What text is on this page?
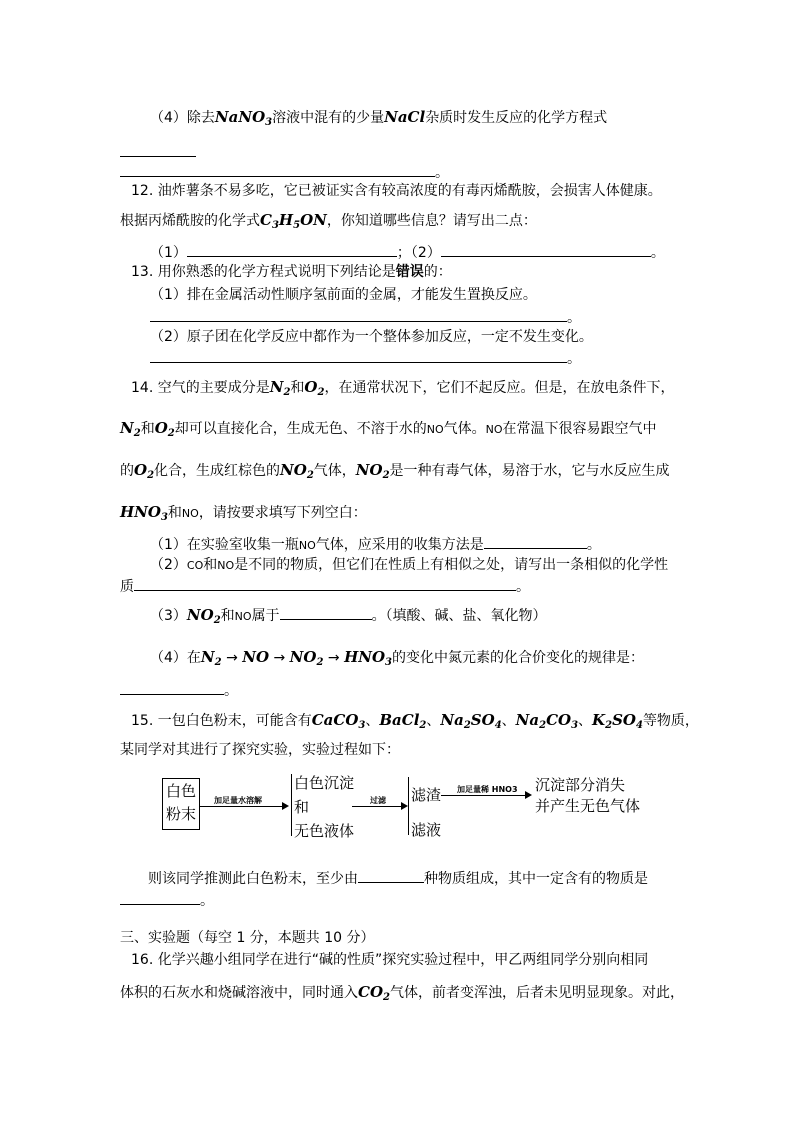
（4）除去NaNO$_3$溶液中混有的少量NaCl杂质时发生反应的化学方程式
。
12. 油炸薯条不易多吃，它已被证实含有较高浓度的有毒丙烯酰胺，会损害人体健康。
根据丙烯酰胺的化学式$C_3H_5ON$，你知道哪些信息？请写出二点：
（1）	；（2）	。
13. 用你熟悉的化学方程式说明下列结论是错误的：
（1）排在金属活动性顺序氢前面的金属，才能发生置换反应。
。
（2）原子团在化学反应中都作为一个整体参加反应，一定不发生变化。
。
14. 空气的主要成分是$N_2$和$O_2$，在通常状况下，它们不起反应。但是，在放电条件下，
$N_2$和$O_2$却可以直接化合，生成无色、不溶于水的NO气体。NO在常温下很容易跟空气中
的$O_2$化合，生成红棕色的$NO_2$气体，$NO_2$是一种有毒气体，易溶于水，它与水反应生成
$HNO_3$和NO，请按要求填写下列空白：
（1）在实验室收集一瓶NO气体，应采用的收集方法是	。
（2）CO和NO是不同的物质，但它们在性质上有相似之处，请写出一条相似的化学性
质	。
$(3)NO_2$和NO属于	。（填酸、碱、盐、氧化物）
（4）在$N_2$ → NO → $NO_2 \to HNO_3$的变化中氮元素的化合价变化的规律是：
。
15. 一包白色粉末，可能含有CaCO$_3$、BaCl$_2$、$Na_2SO_4$、$Na_2CO_3$、$K_2SO_4$等物质，
某同学对其进行了探究实验，实验过程如下：
白色
粉末
加足量水溶解
白色沉淀
和
无色液体
过滤 滤渣
滤液
加足量稀 HNO3 沉淀部分消失
并产生无色气体
则该同学推测此白色粉末，至少由	种物质组成，其中一定含有的物质是
。
三、实验题（每空 1 分，本题共 10 分）
16. 化学兴趣小组同学在进行“碱的性质”探究实验过程中，甲乙两组同学分别向相同
体积的石灰水和烧碱溶液中，同时通入$CO_2$气体，前者变浑浊，后者未见明显现象。对此，
